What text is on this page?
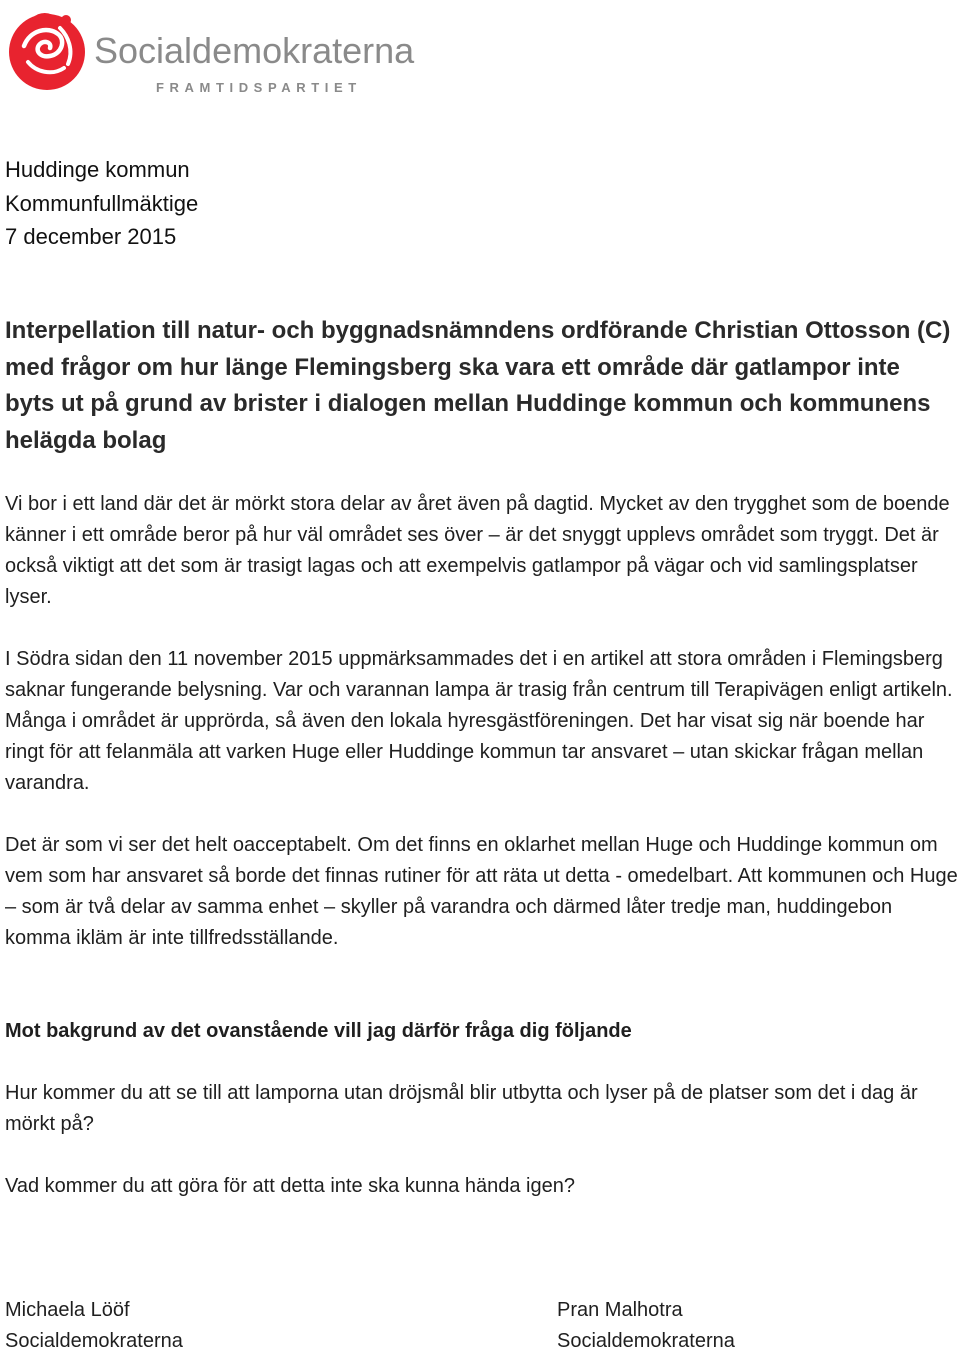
Socialdemokraterna
FRAMTIDSPARTIET
Huddinge kommun
Kommunfullmäktige
7 december 2015
Interpellation till natur- och byggnadsnämndens ordförande Christian Ottosson (C) med frågor om hur länge Flemingsberg ska vara ett område där gatlampor inte byts ut på grund av brister i dialogen mellan Huddinge kommun och kommunens helägda bolag

Vi bor i ett land där det är mörkt stora delar av året även på dagtid. Mycket av den trygghet som de boende känner i ett område beror på hur väl området ses över – är det snyggt upplevs området som tryggt. Det är också viktigt att det som är trasigt lagas och att exempelvis gatlampor på vägar och vid samlingsplatser lyser.

I Södra sidan den 11 november 2015 uppmärksammades det i en artikel att stora områden i Flemingsberg saknar fungerande belysning. Var och varannan lampa är trasig från centrum till Terapivägen enligt artikeln. Många i området är upprörda, så även den lokala hyresgästföreningen. Det har visat sig när boende har ringt för att felanmäla att varken Huge eller Huddinge kommun tar ansvaret – utan skickar frågan mellan varandra.

Det är som vi ser det helt oacceptabelt. Om det finns en oklarhet mellan Huge och Huddinge kommun om vem som har ansvaret så borde det finnas rutiner för att räta ut detta - omedelbart. Att kommunen och Huge – som är två delar av samma enhet – skyller på varandra och därmed låter tredje man, huddingebon komma ikläm är inte tillfredsställande.

Mot bakgrund av det ovanstående vill jag därför fråga dig följande

Hur kommer du att se till att lamporna utan dröjsmål blir utbytta och lyser på de platser som det i dag är mörkt på?

Vad kommer du att göra för att detta inte ska kunna hända igen?

Michaela Lööf
Socialdemokraterna
Pran Malhotra
Socialdemokraterna
